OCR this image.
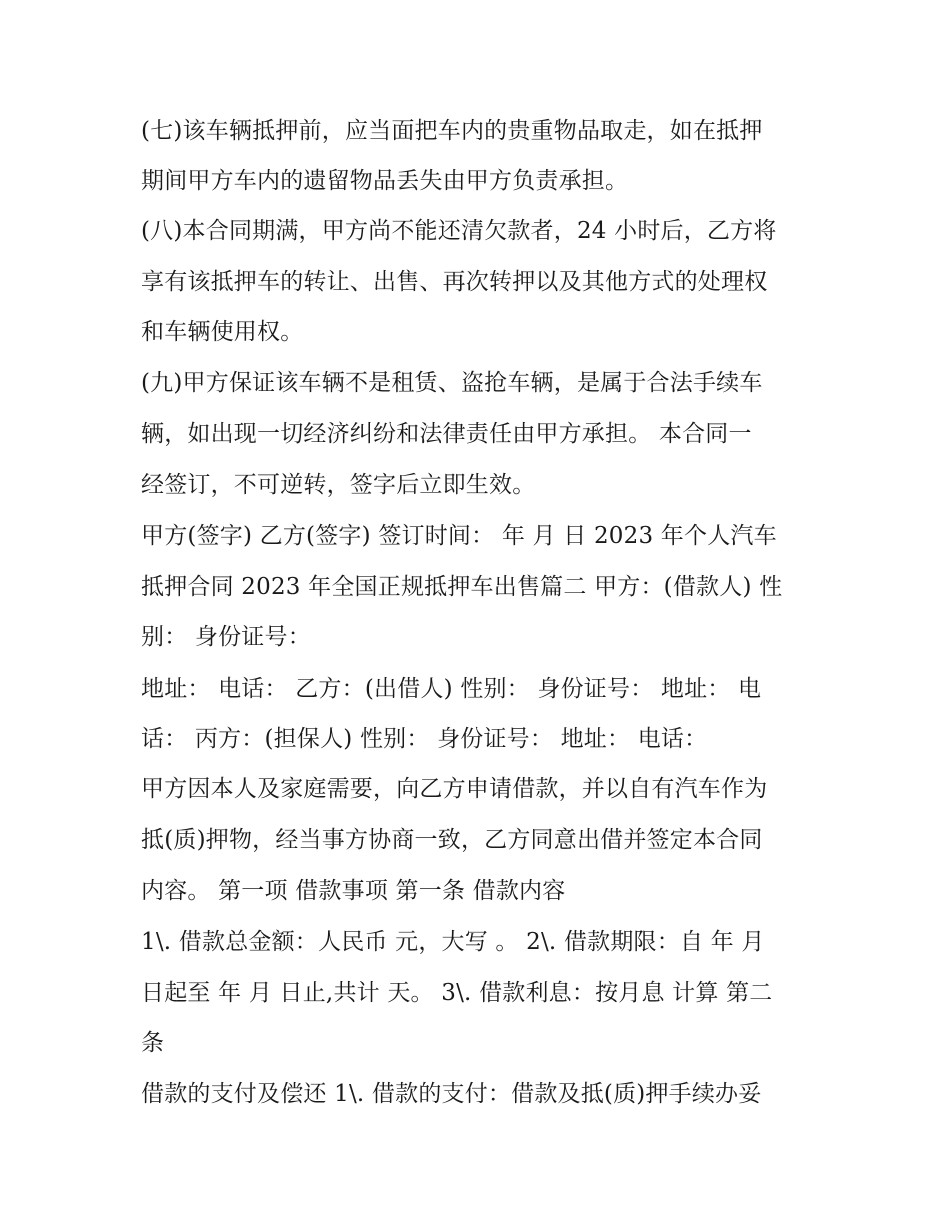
(七)该车辆抵押前，应当面把车内的贵重物品取走，如在抵押
期间甲方车内的遗留物品丢失由甲方负责承担。
(八)本合同期满，甲方尚不能还清欠款者，24 小时后，乙方将
享有该抵押车的转让、出售、再次转押以及其他方式的处理权
和车辆使用权。
(九)甲方保证该车辆不是租赁、盗抢车辆，是属于合法手续车
辆，如出现一切经济纠纷和法律责任由甲方承担。 本合同一
经签订，不可逆转，签字后立即生效。
甲方(签字) 乙方(签字) 签订时间： 年 月 日 2023 年个人汽车
抵押合同 2023 年全国正规抵押车出售篇二 甲方：(借款人) 性
别： 身份证号：
地址： 电话： 乙方：(出借人) 性别： 身份证号： 地址： 电
话： 丙方：(担保人) 性别： 身份证号： 地址： 电话：
甲方因本人及家庭需要，向乙方申请借款，并以自有汽车作为
抵(质)押物，经当事方协商一致，乙方同意出借并签定本合同
内容。 第一项 借款事项 第一条 借款内容
1\. 借款总金额：人民币 元，大写 。 2\. 借款期限：自 年 月
日起至 年 月 日止,共计 天。 3\. 借款利息：按月息 计算 第二
条
借款的支付及偿还 1\. 借款的支付：借款及抵(质)押手续办妥
